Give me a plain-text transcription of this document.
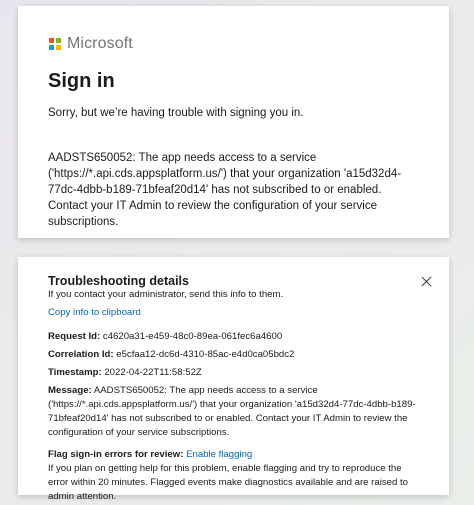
Microsoft
Sign in
Sorry, but we’re having trouble with signing you in.
AADSTS650052: The app needs access to a service ('https://*.api.cds.appsplatform.us/') that your organization 'a15d32d4-77dc-4dbb-b189-71bfeaf20d14' has not subscribed to or enabled. Contact your IT Admin to review the configuration of your service subscriptions.
Troubleshooting details
If you contact your administrator, send this info to them.
Copy info to clipboard
Request Id: c4620a31-e459-48c0-89ea-061fec6a4600
Correlation Id: e5cfaa12-dc6d-4310-85ac-e4d0ca05bdc2
Timestamp: 2022-04-22T11:58:52Z
Message: AADSTS650052: The app needs access to a service ('https://*.api.cds.appsplatform.us/') that your organization 'a15d32d4-77dc-4dbb-b189-71bfeaf20d14' has not subscribed to or enabled. Contact your IT Admin to review the configuration of your service subscriptions.
Flag sign-in errors for review: Enable flagging
If you plan on getting help for this problem, enable flagging and try to reproduce the error within 20 minutes. Flagged events make diagnostics available and are raised to admin attention.
